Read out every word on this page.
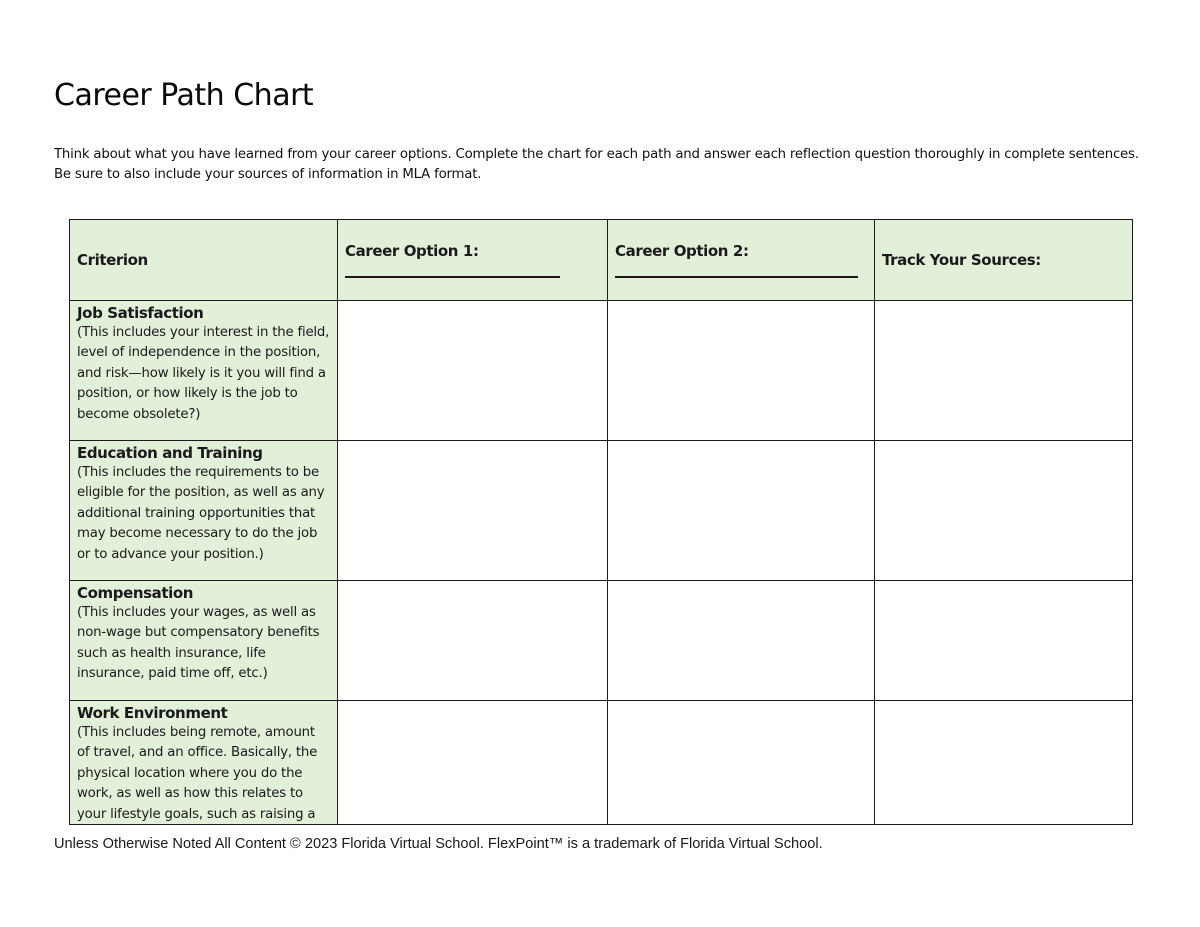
Career Path Chart
Think about what you have learned from your career options. Complete the chart for each path and answer each reflection question thoroughly in complete sentences. Be sure to also include your sources of information in MLA format.
Criterion	Career Option 1:	Career Option 2:	Track Your Sources:

Job Satisfaction
(This includes your interest in the field, level of independence in the position, and risk—how likely is it you will find a position, or how likely is the job to become obsolete?)			

Education and Training
(This includes the requirements to be eligible for the position, as well as any additional training opportunities that may become necessary to do the job or to advance your position.)			

Compensation
(This includes your wages, as well as non-wage but compensatory benefits such as health insurance, life insurance, paid time off, etc.)			

Work Environment
(This includes being remote, amount of travel, and an office. Basically, the physical location where you do the work, as well as how this relates to your lifestyle goals, such as raising a			

Unless Otherwise Noted All Content © 2023 Florida Virtual School. FlexPoint™ is a trademark of Florida Virtual School.
